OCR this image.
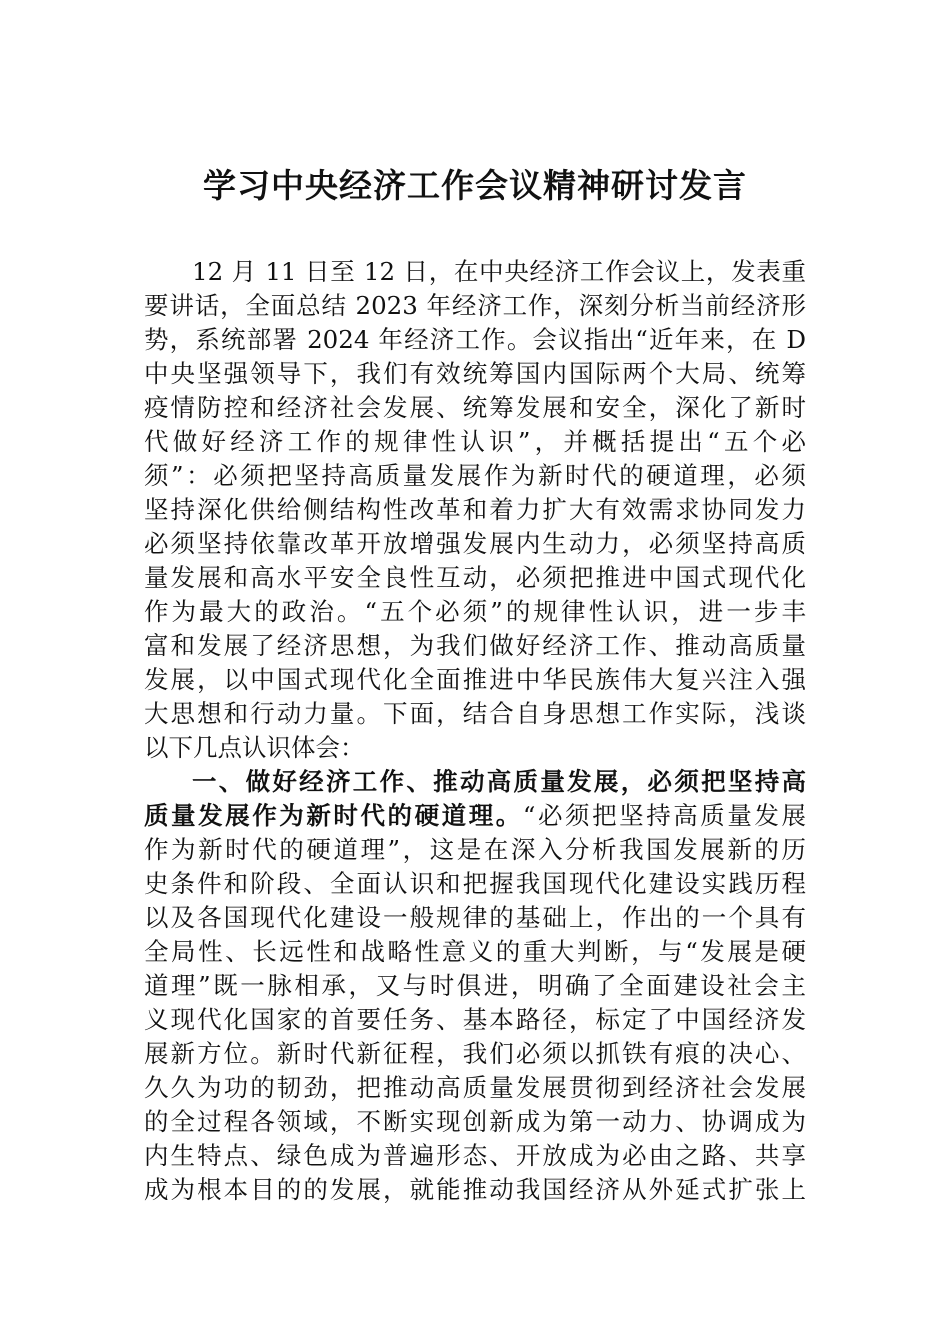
学习中央经济工作会议精神研讨发言
12 月 11 日至 12 日，在中央经济工作会议上，发表重
要讲话，全面总结 2023 年经济工作，深刻分析当前经济形
势，系统部署 2024 年经济工作。会议指出“近年来，在 D
中央坚强领导下，我们有效统筹国内国际两个大局、统筹
疫情防控和经济社会发展、统筹发展和安全，深化了新时
代做好经济工作的规律性认识”，并概括提出“五个必
须”：必须把坚持高质量发展作为新时代的硬道理，必须
坚持深化供给侧结构性改革和着力扩大有效需求协同发力
必须坚持依靠改革开放增强发展内生动力，必须坚持高质
量发展和高水平安全良性互动，必须把推进中国式现代化
作为最大的政治。“五个必须”的规律性认识，进一步丰
富和发展了经济思想，为我们做好经济工作、推动高质量
发展，以中国式现代化全面推进中华民族伟大复兴注入强
大思想和行动力量。下面，结合自身思想工作实际，浅谈
以下几点认识体会：
一、做好经济工作、推动高质量发展，必须把坚持高
质量发展作为新时代的硬道理。“必须把坚持高质量发展
作为新时代的硬道理”，这是在深入分析我国发展新的历
史条件和阶段、全面认识和把握我国现代化建设实践历程
以及各国现代化建设一般规律的基础上，作出的一个具有
全局性、长远性和战略性意义的重大判断，与“发展是硬
道理”既一脉相承，又与时俱进，明确了全面建设社会主
义现代化国家的首要任务、基本路径，标定了中国经济发
展新方位。新时代新征程，我们必须以抓铁有痕的决心、
久久为功的韧劲，把推动高质量发展贯彻到经济社会发展
的全过程各领域，不断实现创新成为第一动力、协调成为
内生特点、绿色成为普遍形态、开放成为必由之路、共享
成为根本目的的发展，就能推动我国经济从外延式扩张上
